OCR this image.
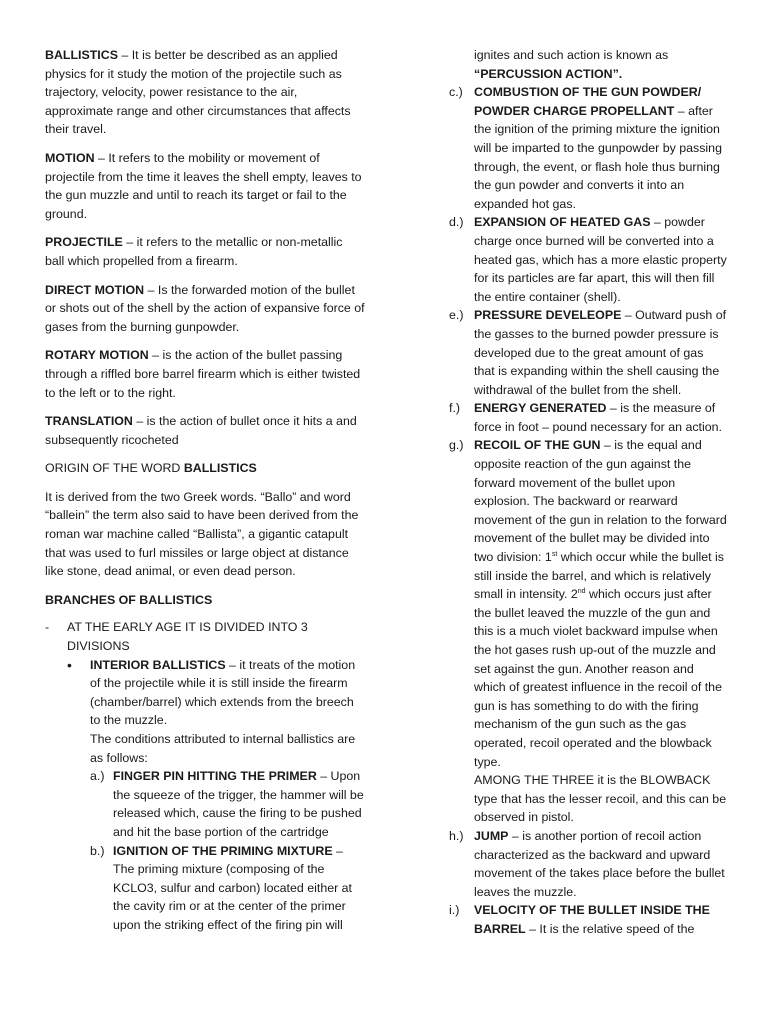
BALLISTICS – It is better be described as an applied physics for it study the motion of the projectile such as trajectory, velocity, power resistance to the air, approximate range and other circumstances that affects their travel.

MOTION – It refers to the mobility or movement of projectile from the time it leaves the shell empty, leaves to the gun muzzle and until to reach its target or fail to the ground.

PROJECTILE – it refers to the metallic or non-metallic ball which propelled from a firearm.

DIRECT MOTION – Is the forwarded motion of the bullet or shots out of the shell by the action of expansive force of gases from the burning gunpowder.

ROTARY MOTION – is the action of the bullet passing through a riffled bore barrel firearm which is either twisted to the left or to the right.

TRANSLATION – is the action of bullet once it hits a and subsequently ricocheted

ORIGIN OF THE WORD BALLISTICS

It is derived from the two Greek words. “Ballo” and word “ballein” the term also said to have been derived from the roman war machine called “Ballista”, a gigantic catapult that was used to furl missiles or large object at distance like stone, dead animal, or even dead person.

BRANCHES OF BALLISTICS

-	AT THE EARLY AGE IT IS DIVIDED INTO 3 DIVISIONS
•	INTERIOR BALLISTICS – it treats of the motion of the projectile while it is still inside the firearm (chamber/barrel) which extends from the breech to the muzzle.
The conditions attributed to internal ballistics are as follows:
a.) FINGER PIN HITTING THE PRIMER – Upon the squeeze of the trigger, the hammer will be released which, cause the firing to be pushed and hit the base portion of the cartridge
b.) IGNITION OF THE PRIMING MIXTURE – The priming mixture (composing of the KCLO3, sulfur and carbon) located either at the cavity rim or at the center of the primer upon the striking effect of the firing pin will
ignites and such action is known as
“PERCUSSION ACTION”.
c.) COMBUSTION OF THE GUN POWDER/ POWDER CHARGE PROPELLANT – after the ignition of the priming mixture the ignition will be imparted to the gunpowder by passing through, the event, or flash hole thus burning the gun powder and converts it into an expanded hot gas.
d.) EXPANSION OF HEATED GAS – powder charge once burned will be converted into a heated gas, which has a more elastic property for its particles are far apart, this will then fill the entire container (shell).
e.) PRESSURE DEVELEOPE – Outward push of the gasses to the burned powder pressure is developed due to the great amount of gas that is expanding within the shell causing the withdrawal of the bullet from the shell.
f.)	ENERGY GENERATED – is the measure of force in foot – pound necessary for an action.
g.) RECOIL OF THE GUN – is the equal and opposite reaction of the gun against the forward movement of the bullet upon explosion. The backward or rearward movement of the gun in relation to the forward movement of the bullet may be divided into two division: 1st which occur while the bullet is still inside the barrel, and which is relatively small in intensity. 2nd which occurs just after the bullet leaved the muzzle of the gun and this is a much violet backward impulse when the hot gases rush up-out of the muzzle and set against the gun. Another reason and which of greatest influence in the recoil of the gun is has something to do with the firing mechanism of the gun such as the gas operated, recoil operated and the blowback type.
AMONG THE THREE it is the BLOWBACK type that has the lesser recoil, and this can be observed in pistol.
h.) JUMP – is another portion of recoil action characterized as the backward and upward movement of the takes place before the bullet leaves the muzzle.
i.)	VELOCITY OF THE BULLET INSIDE THE BARREL – It is the relative speed of the
